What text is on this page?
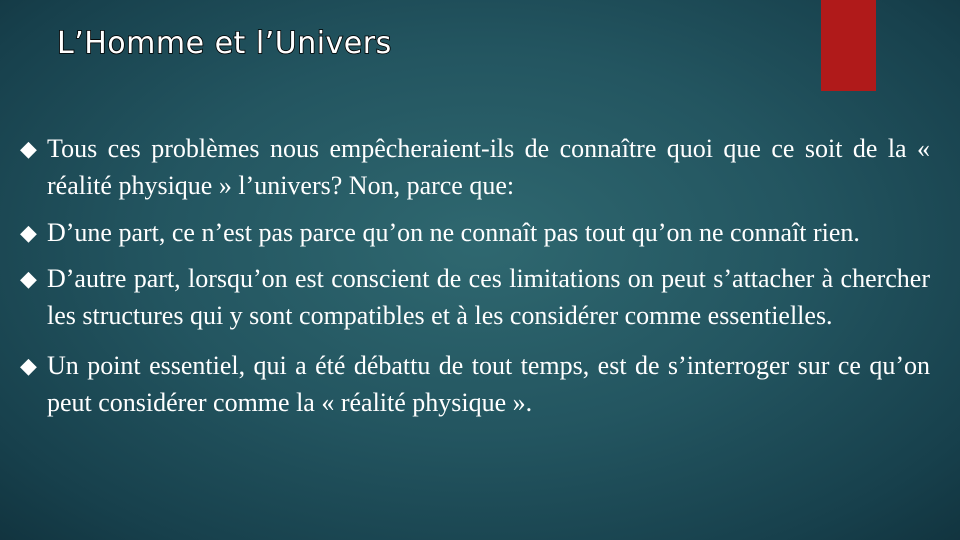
L’Homme et l’Univers
◆ Tous ces problèmes nous empêcheraient-ils de connaître quoi que ce soit de la « réalité physique » l’univers? Non, parce que:
◆ D’une part, ce n’est pas parce qu’on ne connaît pas tout qu’on ne connaît rien.
◆ D’autre part, lorsqu’on est conscient de ces limitations on peut s’attacher à chercher les structures qui y sont compatibles et à les considérer comme essentielles.
◆ Un point essentiel, qui a été débattu de tout temps, est de s’interroger sur ce qu’on peut considérer comme la « réalité physique ».
